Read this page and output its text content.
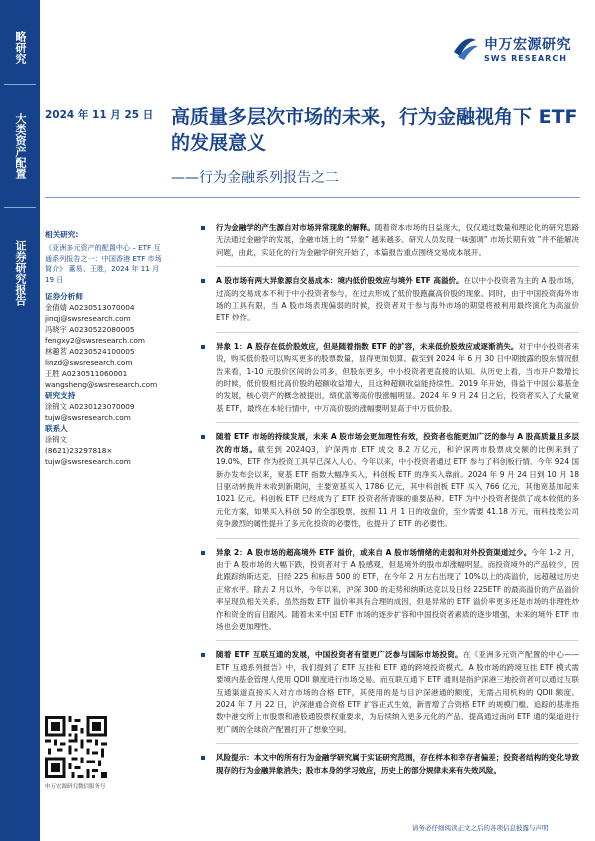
略研究
大类资产配置
证券研究报告
申万宏源研究
SWS RESEARCH
2024 年 11 月 25 日 高质量多层次市场的未来，行为金融视角下 ETF 的发展意义
——行为金融系列报告之二
相关研究:
《亚洲多元资产的配置中心 – ETF 互通系列报告之一：中国香港 ETF 市场简介》 董易、王胜，2024 年 11 月 19 日
证券分析师
金倩婧 A0230513070004
jinqj@swsresearch.com
冯晓宇 A0230522080005
fengxy2@swsresearch.com
林趣茗 A0230524100005
linzd@swsresearch.com
王胜 A0230511060001
wangsheng@swsresearch.com
研究支持
涂锦文 A0230123070009
tujw@swsresearch.com
联系人
涂锦文
(8621)23297818×
tujw@swsresearch.com
申万宏源研究微信服务号
行为金融学的产生源自对市场异常现象的解释。随着资本市场的日益庞大，仅仅通过数量和理论化的研究思路无法通过金融学的发展，金融市场上的 “异象” 越来越多。研究人员发现一味强调” 市场长期有效 ”并不能解决问题，由此，实证化的行为金融学研究开始了，本篇报告重点围绕交易成本展开。
A 股市场有两大异象源自交易成本：境内低价股效应与境外 ETF 高溢价。在以中小投资者为主的 A 股市场，过高的交易成本不利于中小投资者参与，在过去形成了低价股跑赢高价股的现象。同时，由于中国投资海外市场的工具有限，当 A 股市场表现偏弱的时候，投资者对于参与海外市场的期望将被利用最终演化为高溢价 ETF 炒作。
异象 1：A 股存在低价股效应，但是随着指数 ETF 的扩容，未来低价股效应或逐渐消失。对于中小投资者来说，购买低价股可以购买更多的股票数量，显得更加划算。截至到 2024 年 6 月 30 日中期披露的股东情况报告来看，1-10 元股价区间的公司多，但股东更多，中小投资者更直接的认知。从历史上看，当市开户数增长的时候，低价股相比高价股的超额收益增大，且这种超额收益能持续性。2019 年开始，得益于中国公募基金的发展，核心资产的概念被提出，绩优蓝筹高价股涨幅明显。2024 年 9 月 24 日之后，投资者买入了大量宽基 ETF，最终在本轮行情中，中万高价股的涨幅要明显高于中万低价股。
随着 ETF 市场的持续发展，未来 A 股市场会更加理性有效，投资者也能更加广泛的参与 A 股高质量且多层次的市场。截至到 2024Q3，沪深两市 ETF 成交 8.2 万亿元，和沪深两市股票成交额的比例来到了 19.0%，ETF 作为投资工具早已深入人心。今年以来，中小投资者通过 ETF 参与了科创板行情。今年 924 国新办发布会以来，宽基 ETF 指数大幅净买入，科创板 ETF 的净买入靠前。2024 年 9 月 24 日到 10 月 18 日驱动转换并未收到新期间，主要宽基买入 1786 亿元，其中科创板 ETF 买入 766 亿元，其他宽基加起来 1021 亿元。科创板 ETF 已经成为了 ETF 投资者所青睐的重要品种。ETF 为中小投资者提供了成本较低的多元化方案，如果买入科创 50 的全部股票，按照 11 月 1 日的收盘价，至少需要 41.18 万元，而科技类公司竞争激烈的属性提升了多元化投资的必要性，也提升了 ETF 的必要性。
异象 2：A 股市场的超高境外 ETF 溢价，或来自 A 股市场情绪的走弱和对外投资渠道过少。今年 1-2 月，由于 A 股市场的大幅下跌，投资者对于 A 股感观，但是境外的股市却涨幅明显。而投资境外的产品较少，因此跟踪纳斯达克、日经 225 和标普 500 的 ETF，在今年 2 月左右出现了 10%以上的高溢价，远超越过历史正常水平。除去 2 月以外，今年以来，沪深 300 的走势和纳斯达克以及日经 225ETF 的最高溢价的产品溢价率呈现负相关关系。虽然指数 ETF 溢价率具有合理的成因，但是异常的 ETF 溢价率更多还是市场的非理性炒作和资金的盲目跟风。随着未来中国 ETF 市场的逐步扩容和中国投资者素质的逐步增强，未来的境外 ETF 市场也会更加理性。
随着 ETF 互联互通的发展，中国投资者有望更广泛参与国际市场投资。在《亚洲多元资产配置的中心——ETF 互通系列报告》中，我们提到了 ETF 互挂和 ETF 通的跨境投资模式。A 股市场的跨境互挂 ETF 模式需要境内基金管理人使用 QDII 额度进行市场交易。而互联互通下 ETF 通则是指沪深港三地投资者可以通过互联互通渠道直接买入对方市场的合格 ETF，其使用的是与目沪深港通的额度，无需占用机构的 QDII 额度。2024 年 7 月 22 日，沪深港通合资格 ETF 扩容正式生效，新晋增了合资格 ETF 的规模门槛、追踪的基准指数中港交所上市股票和港股通股票权重要求，为后续纳入更多元化的产品、提高通过南向 ETF 通的渠道进行更广阔的全球资产配置打开了想象空间。
风险提示：本文中的所有行为金融学研究属于实证研究范围，存在样本和幸存者偏差；投资者结构的变化导致现存的行为金融异象消失；股市本身的学习效应，历史上的部分规律未来有失效风险。
请务必仔细阅读正文之后的各项信息披露与声明
